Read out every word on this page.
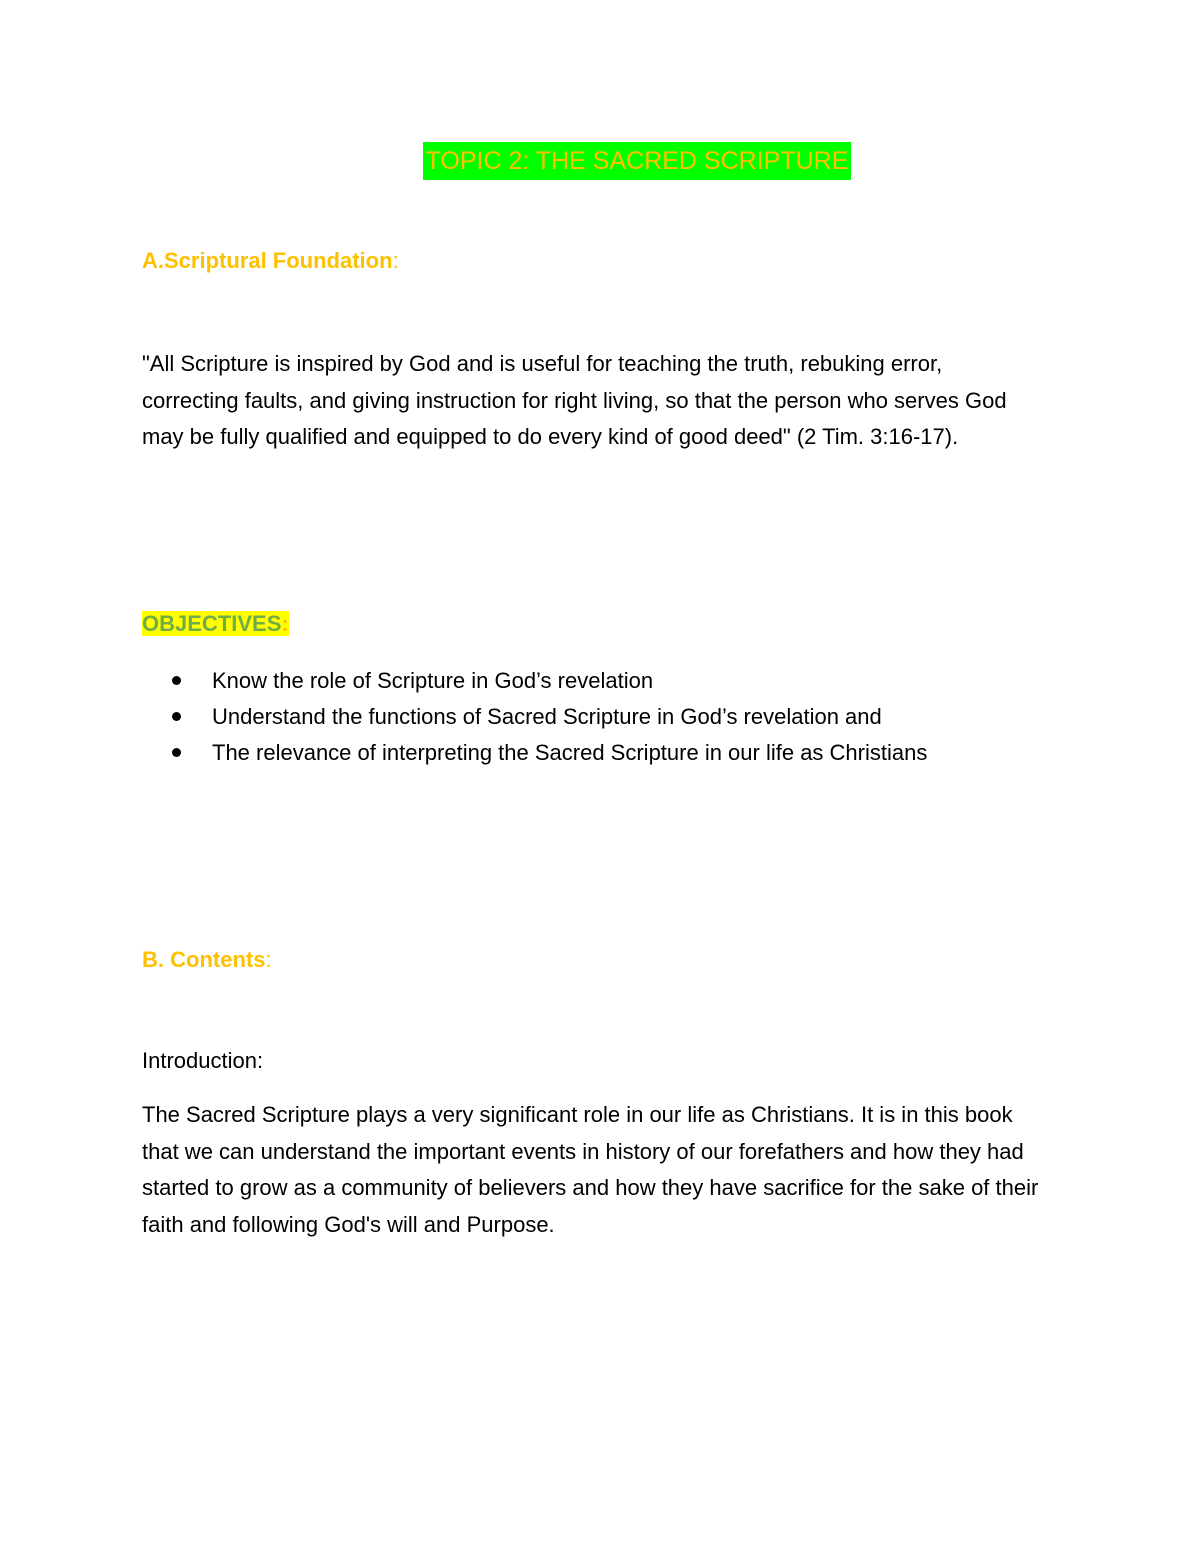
TOPIC 2: THE SACRED SCRIPTURE
A.Scriptural Foundation:
"All Scripture is inspired by God and is useful for teaching the truth, rebuking error, correcting faults, and giving instruction for right living, so that the person who serves God may be fully qualified and equipped to do every kind of good deed" (2 Tim. 3:16-17).
OBJECTIVES:
Know the role of Scripture in God’s revelation
Understand the functions of Sacred Scripture in God’s revelation and
The relevance of interpreting the Sacred Scripture in our life as Christians
B. Contents:
Introduction:
The Sacred Scripture plays a very significant role in our life as Christians. It is in this book that we can understand the important events in history of our forefathers and how they had started to grow as a community of believers and how they have sacrifice for the sake of their faith and following God's will and Purpose.
